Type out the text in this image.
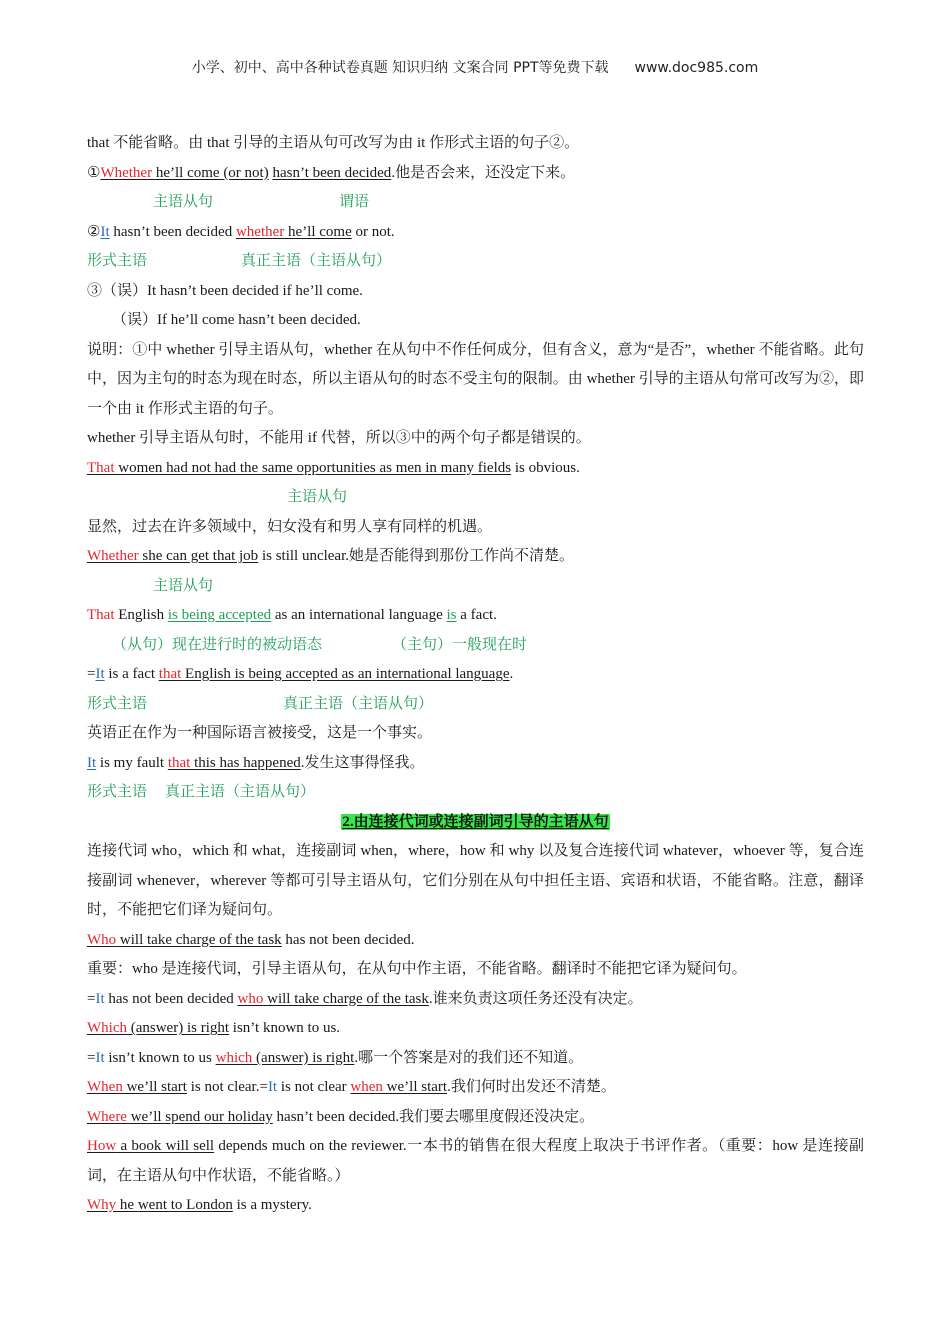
小学、初中、高中各种试卷真题 知识归纳 文案合同 PPT等免费下载 www.doc985.com

that 不能省略。由 that 引导的主语从句可改写为由 it 作形式主语的句子②。

①Whether he’ll come (or not) hasn’t been decided.他是否会来，还没定下来。

主语从句	谓语

②It hasn’t been decided whether he’ll come or not.

形式主语	真正主语（主语从句）

③（误）It hasn’t been decided if he’ll come.

（误）If he’ll come hasn’t been decided.

说明：①中 whether 引导主语从句，whether 在从句中不作任何成分，但有含义，意为“是否”，whether 不能省略。此句中，因为主句的时态为现在时态，所以主语从句的时态不受主句的限制。由 whether 引导的主语从句常可改写为②，即一个由 it 作形式主语的句子。

whether 引导主语从句时，不能用 if 代替，所以③中的两个句子都是错误的。

That women had not had the same opportunities as men in many fields is obvious.

主语从句

显然，过去在许多领域中，妇女没有和男人享有同样的机遇。

Whether she can get that job is still unclear.她是否能得到那份工作尚不清楚。

主语从句

That English is being accepted as an international language is a fact.

（从句）现在进行时的被动语态	（主句）一般现在时

=It is a fact that English is being accepted as an international language.

形式主语	真正主语（主语从句）

英语正在作为一种国际语言被接受，这是一个事实。

It is my fault that this has happened.发生这事得怪我。

形式主语 真正主语（主语从句）

2.由连接代词或连接副词引导的主语从句

连接代词 who，which 和 what，连接副词 when，where，how 和 why 以及复合连接代词 whatever，whoever 等，复合连接副词 whenever，wherever 等都可引导主语从句，它们分别在从句中担任主语、宾语和状语，不能省略。注意，翻译时，不能把它们译为疑问句。

Who will take charge of the task has not been decided.

重要：who 是连接代词，引导主语从句，在从句中作主语，不能省略。翻译时不能把它译为疑问句。

=It has not been decided who will take charge of the task.谁来负责这项任务还没有决定。

Which (answer) is right isn’t known to us.

=It isn’t known to us which (answer) is right.哪一个答案是对的我们还不知道。

When we’ll start is not clear.=It is not clear when we’ll start.我们何时出发还不清楚。

Where we’ll spend our holiday hasn’t been decided.我们要去哪里度假还没决定。

How a book will sell depends much on the reviewer.一本书的销售在很大程度上取决于书评作者。（重要：how 是连接副词，在主语从句中作状语，不能省略。）

Why he went to London is a mystery.
